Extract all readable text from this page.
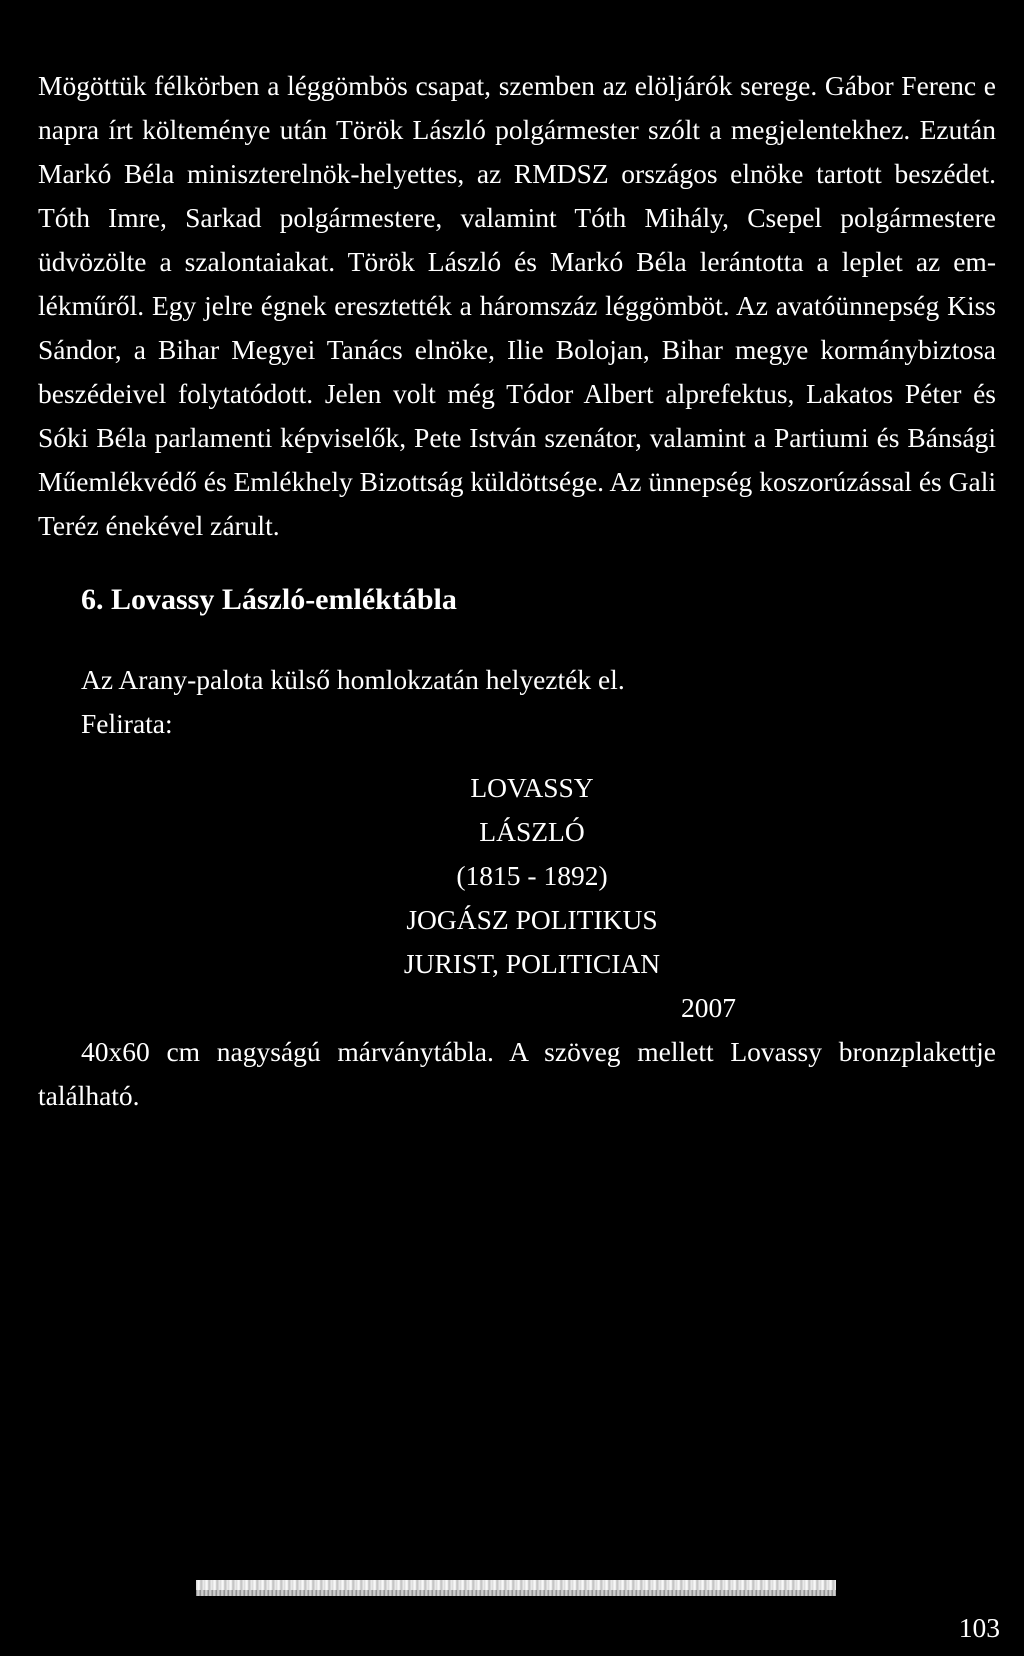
Mögöttük félkörben a léggömbös csapat, szemben az elöljárók serege. Gábor Ferenc e napra írt költeménye után Török László polgármester szólt a megjelentekhez. Ezután Markó Béla miniszterelnök-helyettes, az RMDSZ országos elnöke tartott beszédet. Tóth Imre, Sarkad polgármestere, valamint Tóth Mihály, Csepel polgármestere üdvözölte a szalontaiakat. Török László és Markó Béla lerántotta a leplet az emlékműről. Egy jelre égnek eresztették a háromszáz léggömböt. Az avatóünnepség Kiss Sándor, a Bihar Megyei Tanács elnöke, Ilie Bolojan, Bihar megye kormánybiztosa beszédeivel folytatódott. Jelen volt még Tódor Albert alprefektus, Lakatos Péter és Sóki Béla parlamenti képviselők, Pete István szenátor, valamint a Partiumi és Bánsági Műemlékvédő és Emlékhely Bizottság küldöttsége. Az ünnepség koszorúzással és Gali Teréz énekével zárult.

6. Lovassy László-emléktábla
Az Arany-palota külső homlokzatán helyezték el.
Felirata:
LOVASSY
LÁSZLÓ
(1815 - 1892)
JOGÁSZ POLITIKUS
JURIST, POLITICIAN
2007

40x60 cm nagyságú márványtábla. A szöveg mellett Lovassy bronzplakettje található.

103
